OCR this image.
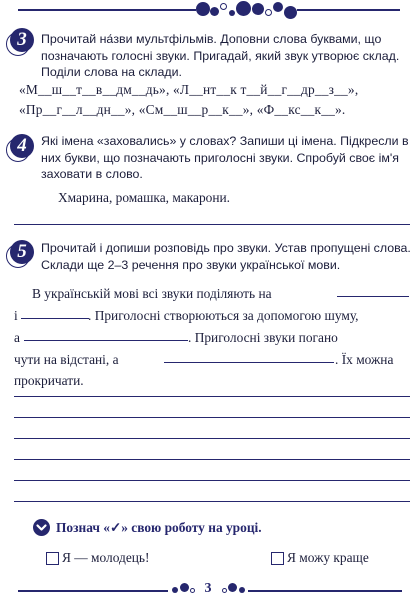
3	Прочитай на́зви мультфільмів. Доповни слова буквами, що позначають голосні звуки. Пригадай, який звук утворює склад. Поділи слова на склади.
«М__ш__т__в__дм__дь», «Л__нт__к т__й__г__др__з__»,
«Пр__г__л__дн__», «См__ш__р__к__», «Ф__кс__к__».
4	Які імена «заховались» у словах? Запиши ці імена. Підкресли в них букви, що позначають приголосні звуки. Спробуй своє ім'я заховати в слово.
Хмарина, ромашка, макарони.
5	Прочитай і допиши розповідь про звуки. Устав пропущені слова. Склади ще 2–3 речення про звуки української мови.
В українській мові всі звуки поділяють на
і	. Приголосні створюються за допомогою шуму,
а	. Приголосні звуки погано
чути на відстані, а	. Їх можна
прокричати.
Познач «✓» свою роботу на уроці.
Я — молодець!	Я можу краще
3
